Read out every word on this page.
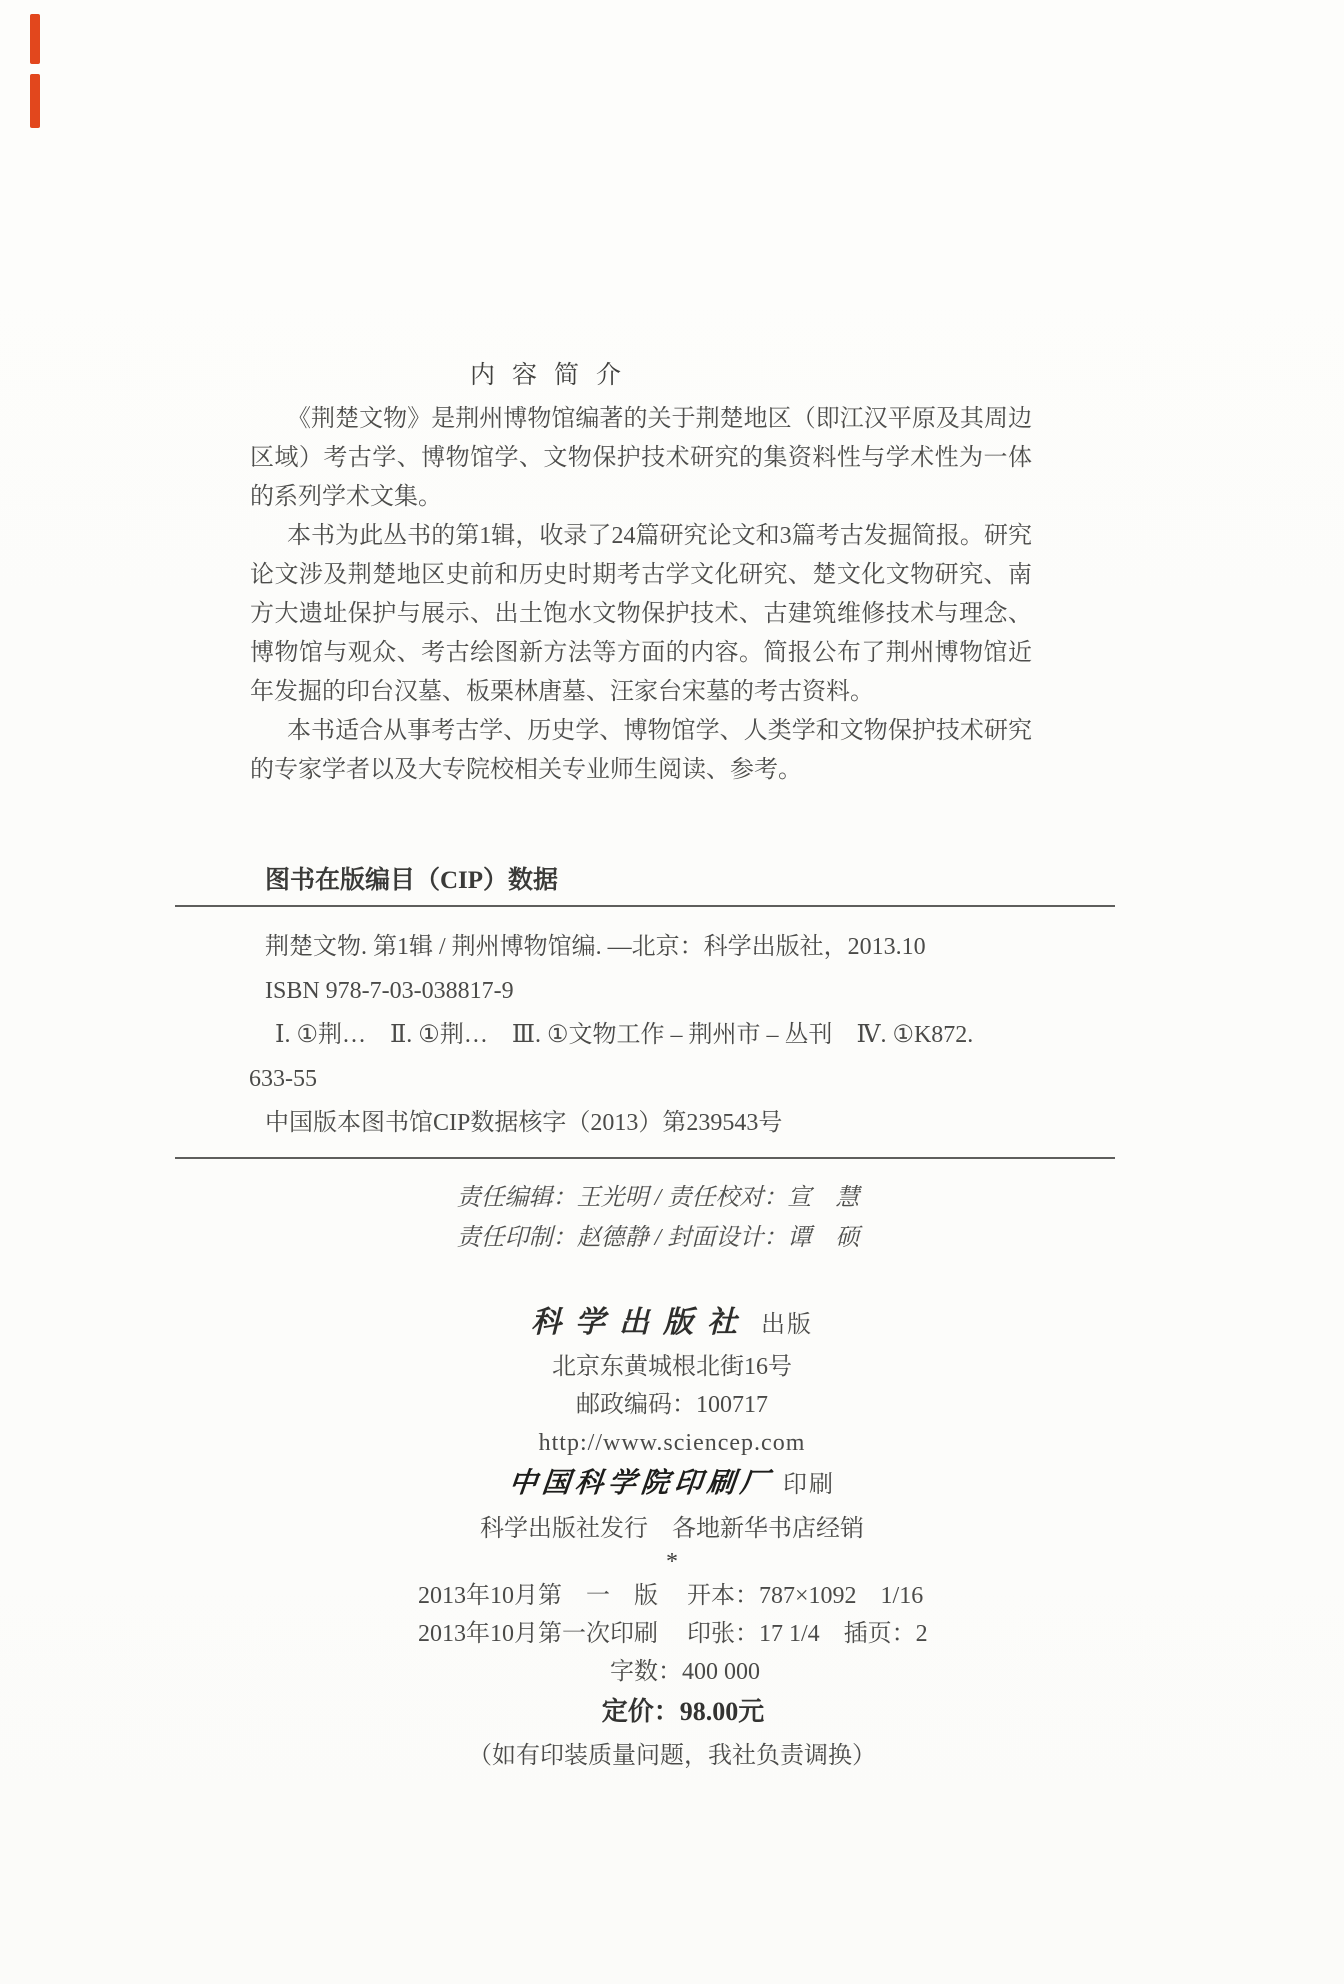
内容简介

《荆楚文物》是荆州博物馆编著的关于荆楚地区（即江汉平原及其周边区域）考古学、博物馆学、文物保护技术研究的集资料性与学术性为一体的系列学术文集。

本书为此丛书的第1辑，收录了24篇研究论文和3篇考古发掘简报。研究论文涉及荆楚地区史前和历史时期考古学文化研究、楚文化文物研究、南方大遗址保护与展示、出土饱水文物保护技术、古建筑维修技术与理念、博物馆与观众、考古绘图新方法等方面的内容。简报公布了荆州博物馆近年发掘的印台汉墓、板栗林唐墓、汪家台宋墓的考古资料。

本书适合从事考古学、历史学、博物馆学、人类学和文物保护技术研究的专家学者以及大专院校相关专业师生阅读、参考。

图书在版编目（CIP）数据
荆楚文物. 第1辑 / 荆州博物馆编. —北京：科学出版社，2013.10
ISBN 978-7-03-038817-9
Ⅰ. ①荆…　Ⅱ. ①荆…　Ⅲ. ①文物工作 – 荆州市 – 丛刊　Ⅳ. ①K872.
633-55
中国版本图书馆CIP数据核字（2013）第239543号
责任编辑：王光明 / 责任校对：宣　慧
责任印制：赵德静 / 封面设计：谭　硕
科学出版社 出版
北京东黄城根北街16号
邮政编码：100717
http://www.sciencep.com
中国科学院印刷厂 印刷
科学出版社发行　各地新华书店经销
*
2013年10月第　一　版	开本：787×1092　1/16
2013年10月第一次印刷	印张：17 1/4　插页：2
字数：400 000
定价：98.00元
（如有印装质量问题，我社负责调换）
